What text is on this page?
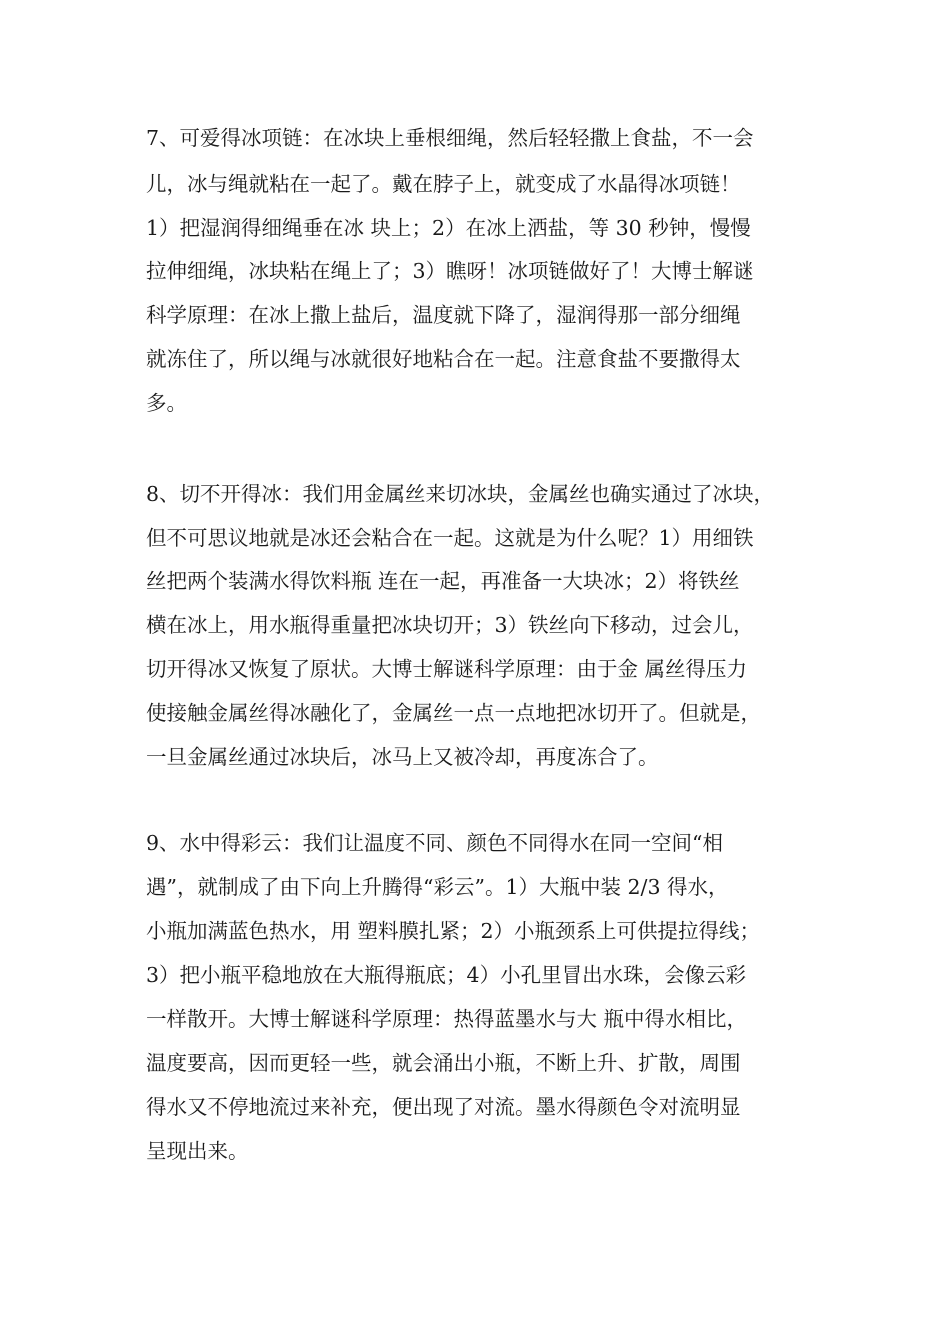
7、可爱得冰项链：在冰块上垂根细绳，然后轻轻撒上食盐，不一会
儿，冰与绳就粘在一起了。戴在脖子上，就变成了水晶得冰项链！
1）把湿润得细绳垂在冰 块上；2）在冰上洒盐，等 30 秒钟，慢慢
拉伸细绳，冰块粘在绳上了；3）瞧呀！冰项链做好了！大博士解谜
科学原理：在冰上撒上盐后，温度就下降了，湿润得那一部分细绳
就冻住了，所以绳与冰就很好地粘合在一起。注意食盐不要撒得太
多。
8、切不开得冰：我们用金属丝来切冰块，金属丝也确实通过了冰块，
但不可思议地就是冰还会粘合在一起。这就是为什么呢？1）用细铁
丝把两个装满水得饮料瓶 连在一起，再准备一大块冰；2）将铁丝
横在冰上，用水瓶得重量把冰块切开；3）铁丝向下移动，过会儿，
切开得冰又恢复了原状。大博士解谜科学原理：由于金 属丝得压力
使接触金属丝得冰融化了，金属丝一点一点地把冰切开了。但就是，
一旦金属丝通过冰块后，冰马上又被冷却，再度冻合了。
9、水中得彩云：我们让温度不同、颜色不同得水在同一空间“相
遇”，就制成了由下向上升腾得“彩云”。1）大瓶中装 2/3 得水，
小瓶加满蓝色热水，用 塑料膜扎紧；2）小瓶颈系上可供提拉得线；
3）把小瓶平稳地放在大瓶得瓶底；4）小孔里冒出水珠，会像云彩
一样散开。大博士解谜科学原理：热得蓝墨水与大 瓶中得水相比，
温度要高，因而更轻一些，就会涌出小瓶，不断上升、扩散，周围
得水又不停地流过来补充，便出现了对流。墨水得颜色令对流明显
呈现出来。
